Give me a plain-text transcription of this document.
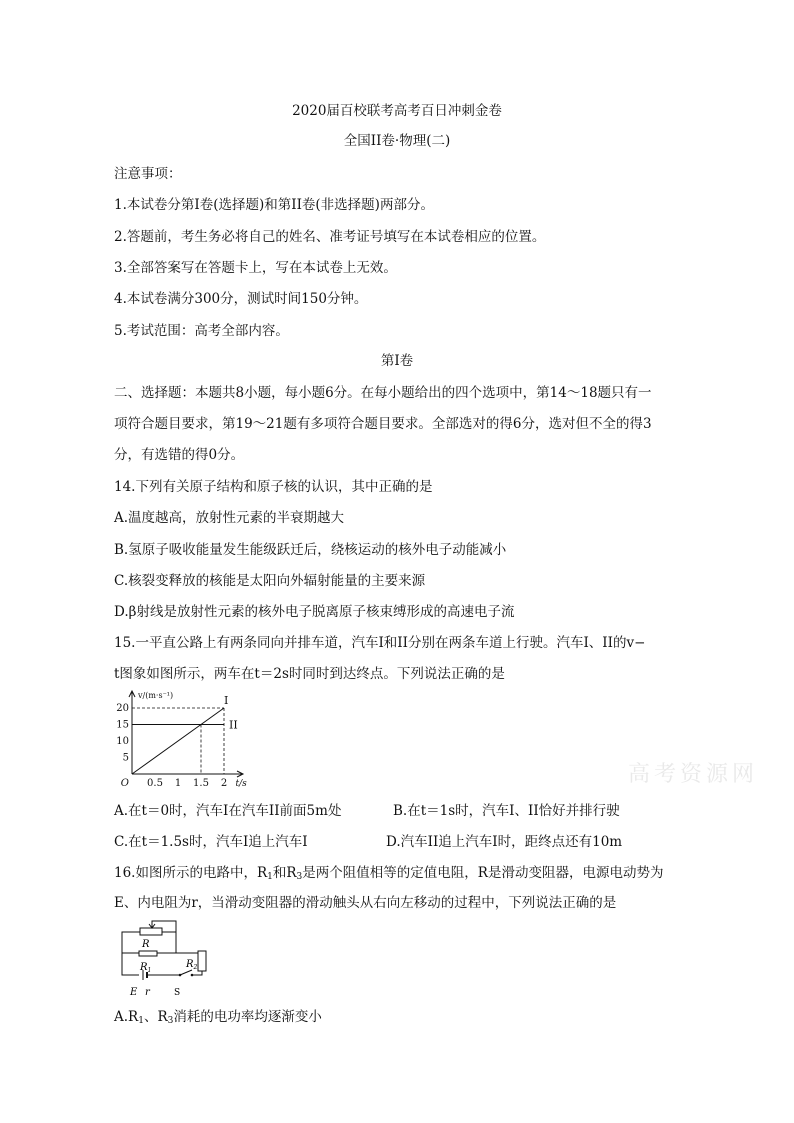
2020届百校联考高考百日冲刺金卷
全国II卷·物理(二)
注意事项：
1.本试卷分第I卷(选择题)和第II卷(非选择题)两部分。
2.答题前，考生务必将自己的姓名、准考证号填写在本试卷相应的位置。
3.全部答案写在答题卡上，写在本试卷上无效。
4.本试卷满分300分，测试时间150分钟。
5.考试范围：高考全部内容。
第I卷
二、选择题：本题共8小题，每小题6分。在每小题给出的四个选项中，第14～18题只有一
项符合题目要求，第19～21题有多项符合题目要求。全部选对的得6分，选对但不全的得3
分，有选错的得0分。
14.下列有关原子结构和原子核的认识，其中正确的是
A.温度越高，放射性元素的半衰期越大
B.氢原子吸收能量发生能级跃迁后，绕核运动的核外电子动能减小
C.核裂变释放的核能是太阳向外辐射能量的主要来源
D.β射线是放射性元素的核外电子脱离原子核束缚形成的高速电子流
15.一平直公路上有两条同向并排车道，汽车I和II分别在两条车道上行驶。汽车I、II的v−
t图象如图所示，两车在t＝2s时同时到达终点。下列说法正确的是
I
II
5
10
15
20
0.5 1 1.5 2
O
v/(m·s⁻¹)
t/s
A.在t＝0时，汽车I在汽车II前面5m处	B.在t＝1s时，汽车I、II恰好并排行驶
C.在t＝1.5s时，汽车I追上汽车I	D.汽车II追上汽车I时，距终点还有10m
16.如图所示的电路中，$R_1$和$R_3$是两个阻值相等的定值电阻，R是滑动变阻器，电源电动势为
E、内电阻为r，当滑动变阻器的滑动触头从右向左移动的过程中，下列说法正确的是
R
$R_1$
$R_2$
E r	S
$A.R_1$、$R_3$消耗的电功率均逐渐变小
高考资源网
